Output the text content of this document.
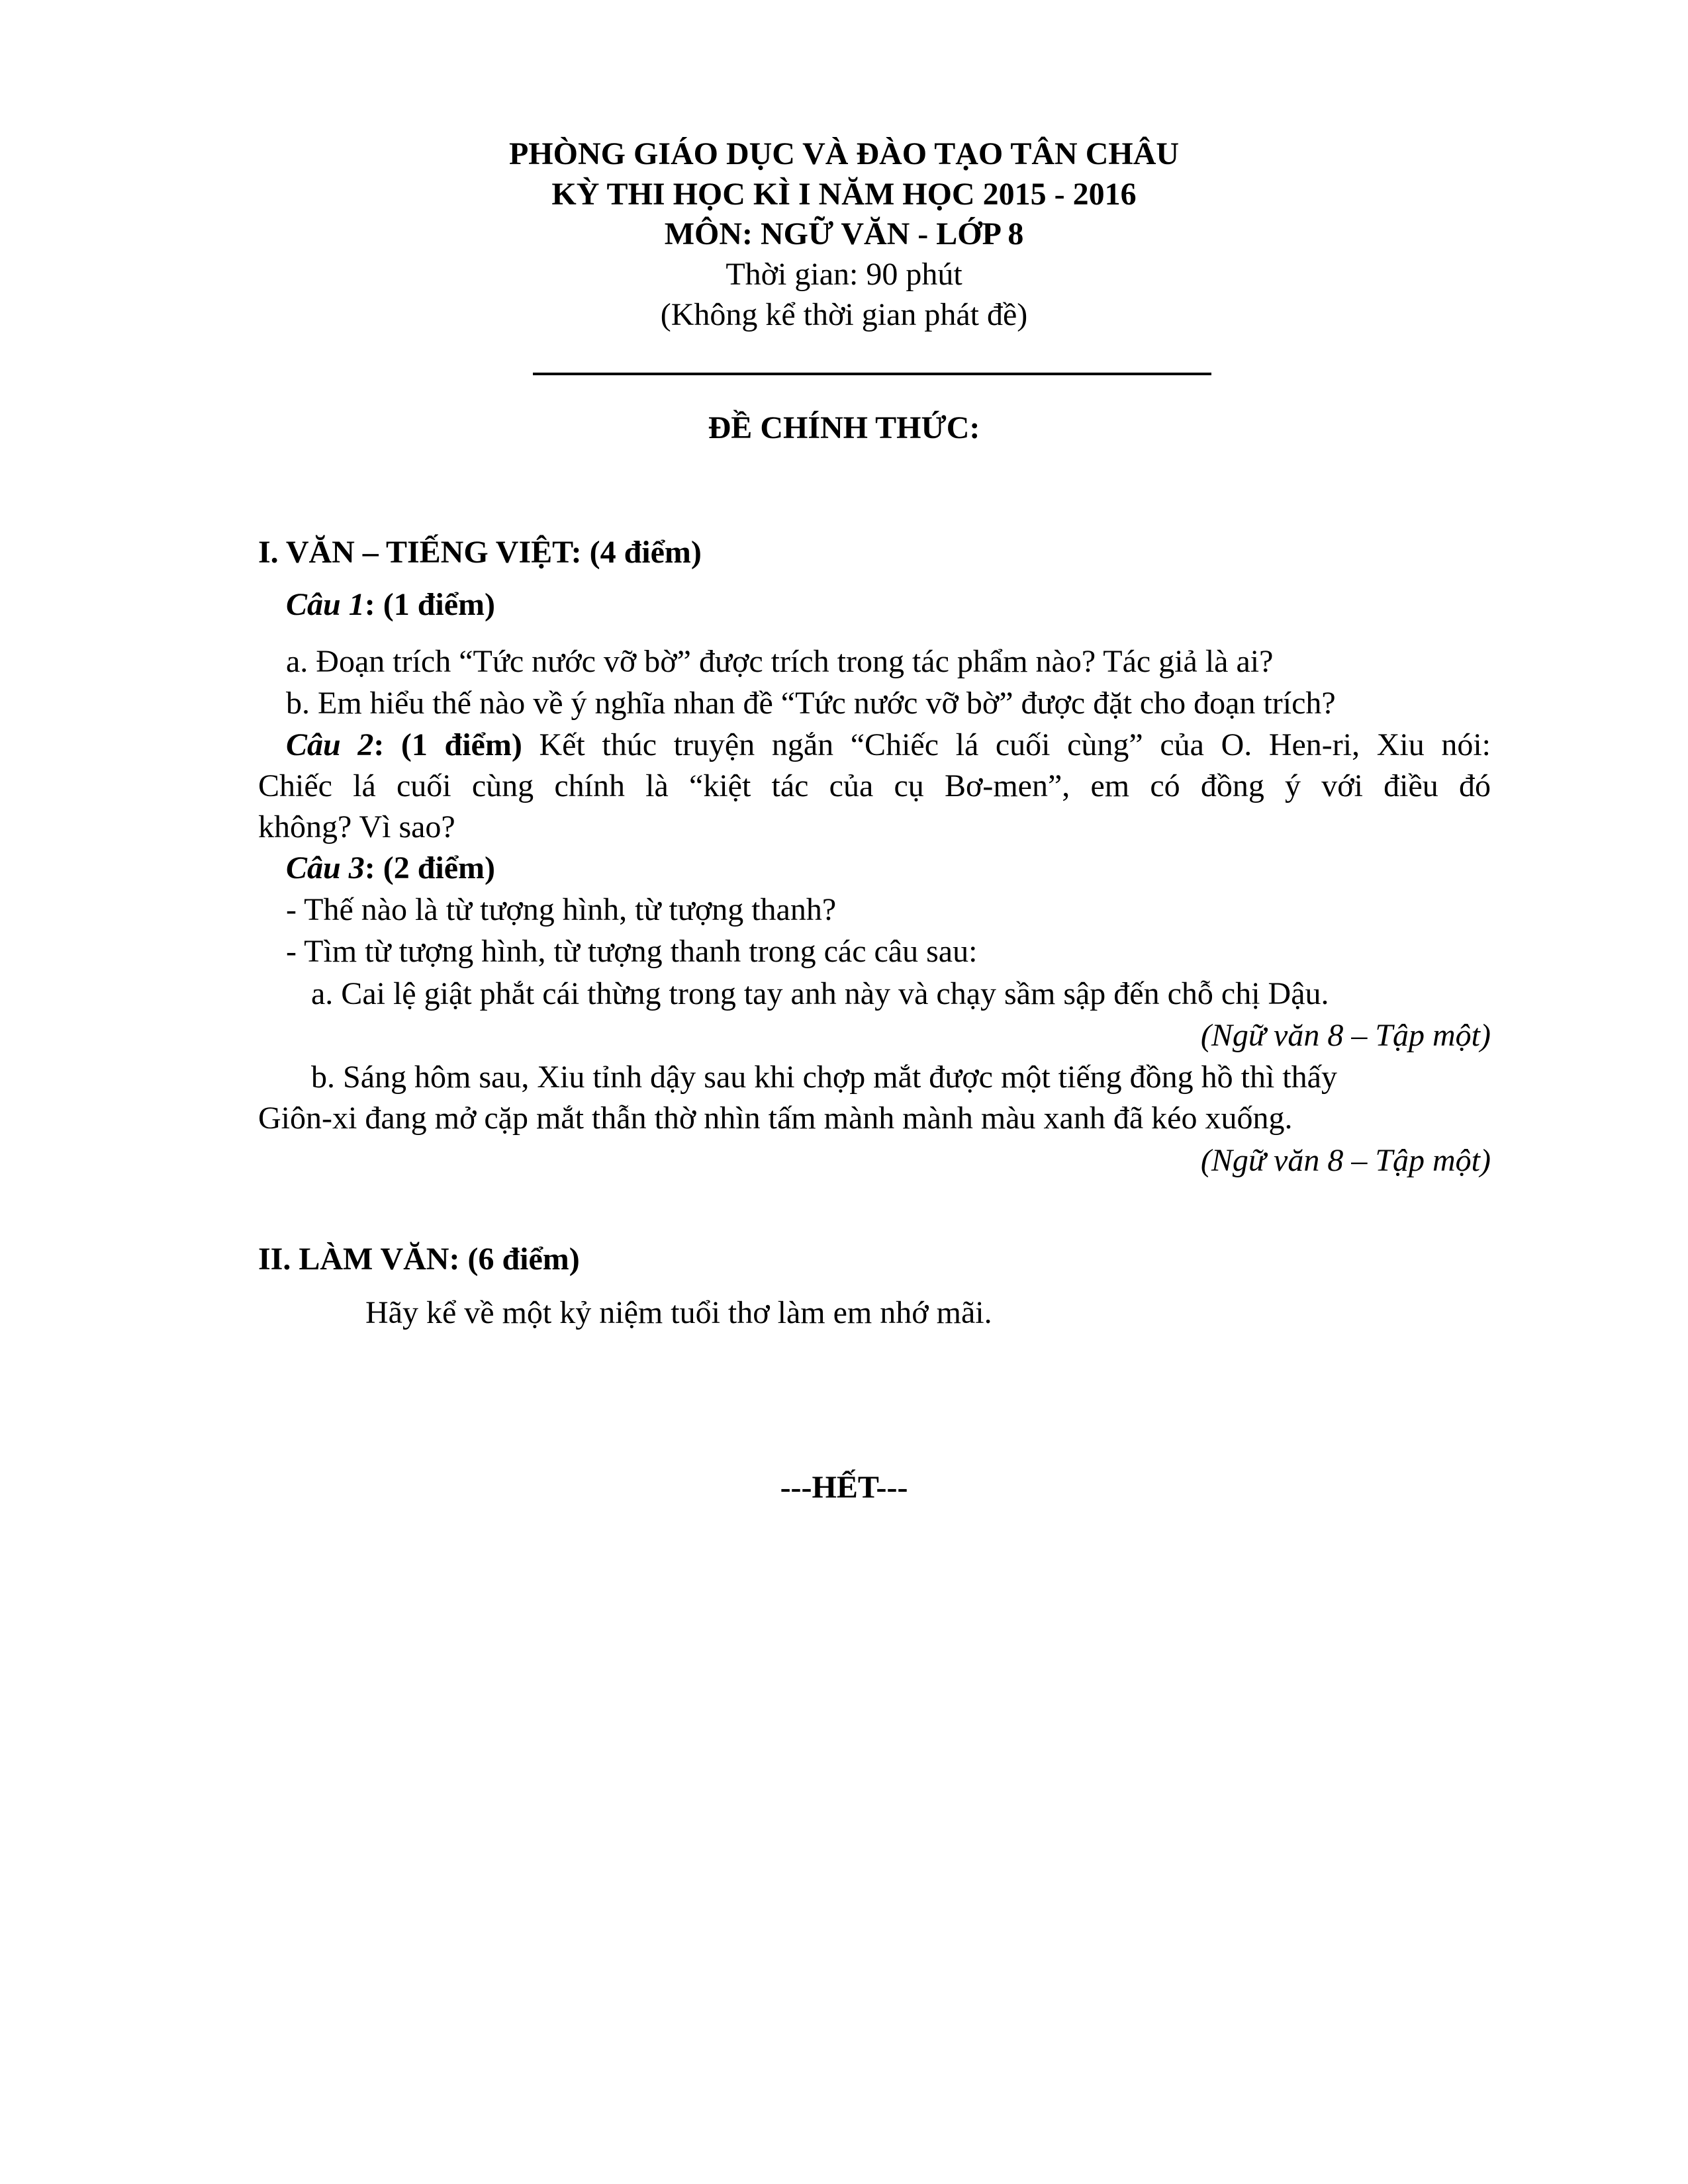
PHÒNG GIÁO DỤC VÀ ĐÀO TẠO TÂN CHÂU
KỲ THI HỌC KÌ I NĂM HỌC 2015 - 2016
MÔN: NGỮ VĂN - LỚP 8
Thời gian: 90 phút
(Không kể thời gian phát đề)
ĐỀ CHÍNH THỨC:
I. VĂN – TIẾNG VIỆT: (4 điểm)
Câu 1: (1 điểm)
a. Đoạn trích “Tức nước vỡ bờ” được trích trong tác phẩm nào? Tác giả là ai?
b. Em hiểu thế nào về ý nghĩa nhan đề “Tức nước vỡ bờ” được đặt cho đoạn trích?
Câu 2: (1 điểm) Kết thúc truyện ngắn “Chiếc lá cuối cùng” của O. Hen-ri, Xiu nói:
Chiếc lá cuối cùng chính là “kiệt tác của cụ Bơ-men”, em có đồng ý với điều đó
không? Vì sao?
Câu 3: (2 điểm)
- Thế nào là từ tượng hình, từ tượng thanh?
- Tìm từ tượng hình, từ tượng thanh trong các câu sau:
a. Cai lệ giật phắt cái thừng trong tay anh này và chạy sầm sập đến chỗ chị Dậu.
(Ngữ văn 8 – Tập một)
b. Sáng hôm sau, Xiu tỉnh dậy sau khi chợp mắt được một tiếng đồng hồ thì thấy
Giôn-xi đang mở cặp mắt thẫn thờ nhìn tấm mành mành màu xanh đã kéo xuống.
(Ngữ văn 8 – Tập một)
II. LÀM VĂN: (6 điểm)
Hãy kể về một kỷ niệm tuổi thơ làm em nhớ mãi.
---HẾT---
